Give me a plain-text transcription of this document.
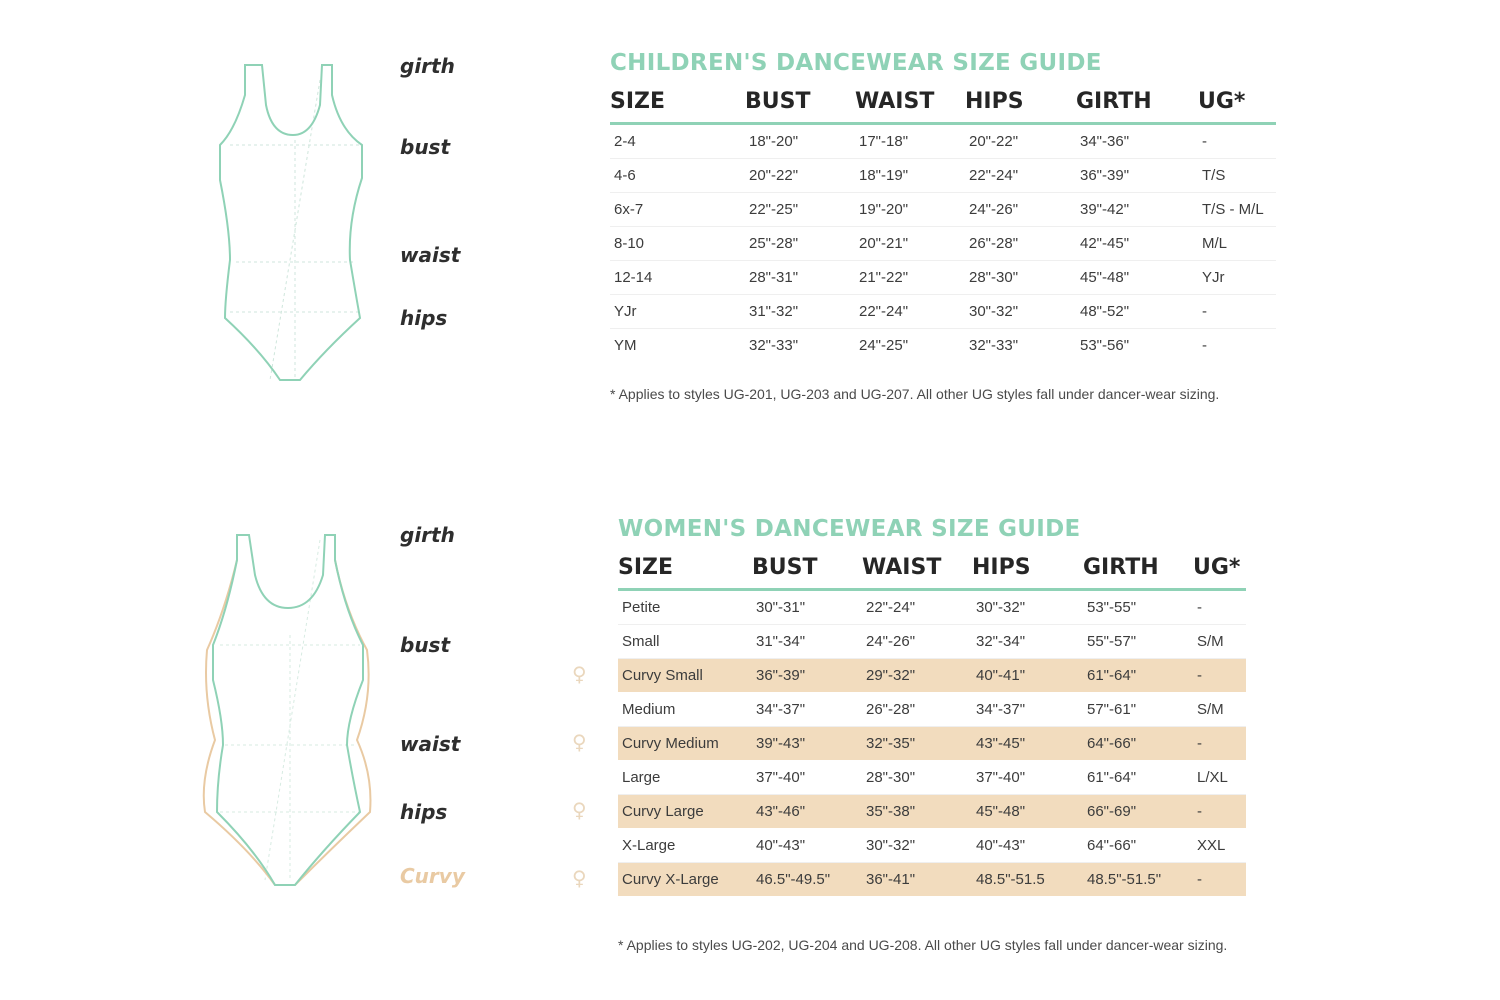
girth
bust
waist
hips
CHILDREN'S DANCEWEAR SIZE GUIDE
SIZE	BUST	WAIST	HIPS	GIRTH	UG*
2-4	18"-20"	17"-18"	20"-22"	34"-36"	-
4-6	20"-22"	18"-19"	22"-24"	36"-39"	T/S
6x-7	22"-25"	19"-20"	24"-26"	39"-42"	T/S - M/L
8-10	25"-28"	20"-21"	26"-28"	42"-45"	M/L
12-14	28"-31"	21"-22"	28"-30"	45"-48"	YJr
YJr	31"-32"	22"-24"	30"-32"	48"-52"	-
YM	32"-33"	24"-25"	32"-33"	53"-56"	-
* Applies to styles UG-201, UG-203 and UG-207. All other UG styles fall under dancer-wear sizing.
girth
bust
waist
hips
Curvy
WOMEN'S DANCEWEAR SIZE GUIDE
SIZE	BUST	WAIST	HIPS	GIRTH	UG*
Petite	30"-31"	22"-24"	30"-32"	53"-55"	-
Small	31"-34"	24"-26"	32"-34"	55"-57"	S/M
Curvy Small	36"-39"	29"-32"	40"-41"	61"-64"	-
Medium	34"-37"	26"-28"	34"-37"	57"-61"	S/M
Curvy Medium	39"-43"	32"-35"	43"-45"	64"-66"	-
Large	37"-40"	28"-30"	37"-40"	61"-64"	L/XL
Curvy Large	43"-46"	35"-38"	45"-48"	66"-69"	-
X-Large	40"-43"	30"-32"	40"-43"	64"-66"	XXL
Curvy X-Large	46.5"-49.5"	36"-41"	48.5"-51.5	48.5"-51.5"	-
* Applies to styles UG-202, UG-204 and UG-208. All other UG styles fall under dancer-wear sizing.
♀
♀
♀
♀
